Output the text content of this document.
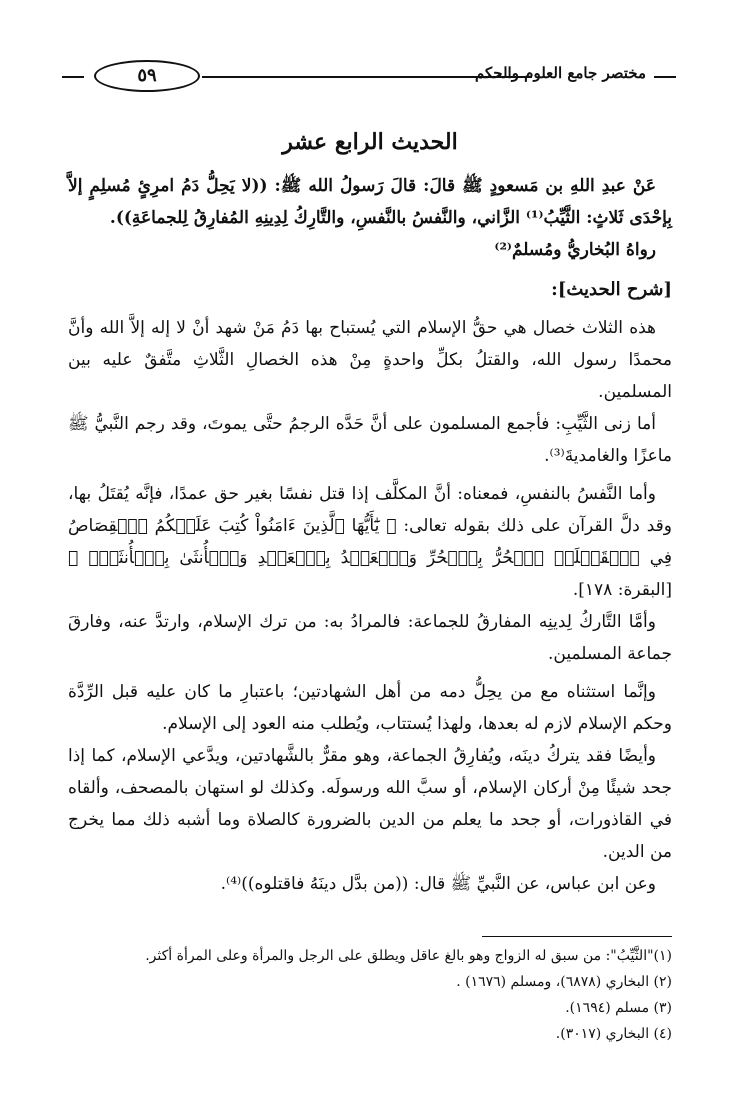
٥٩	مختصر جامع العلوم والحكم
الحديث الرابع عشر

عَنْ عبدِ اللهِ بن مَسعودٍ ﷺ قالَ: قالَ رَسولُ الله ﷺ: ((لا يَحِلُّ دَمُ امرِئٍ مُسلِمٍ إلاَّ بِإحْدَى ثَلاثٍ: الثَّيِّبُ⁽¹⁾ الزَّاني، والنَّفسُ بالنَّفسِ، والتَّارِكُ لِدِينِهِ المُفارِقُ لِلجماعَةِ)).

رواهُ البُخاريُّ ومُسلمٌ⁽²⁾

[شرح الحديث]:

هذه الثلاث خصال هي حقُّ الإسلام التي يُستباح بها دَمُ مَنْ شهد أنْ لا إله إلاَّ الله وأنَّ محمدًا رسول الله، والقتلُ بكلِّ واحدةٍ مِنْ هذه الخصالِ الثَّلاثِ متَّفقٌ عليه بين المسلمين.

أما زنى الثَّيِّبِ: فأجمع المسلمون على أنَّ حَدَّه الرجمُ حتَّى يموتَ، وقد رجم النَّبيُّ ﷺ ماعزًا والغامديةَ⁽³⁾.

وأما النَّفسُ بالنفسِ، فمعناه: أنَّ المكلَّف إذا قتل نفسًا بغير حق عمدًا، فإنَّه يُقتَلُ بها، وقد دلَّ القرآن على ذلك بقوله تعالى: ﴿ يَٰٓأَيُّهَا ٱلَّذِينَ ءَامَنُواْ كُتِبَ عَلَيۡكُمُ ٱلۡقِصَاصُ فِي ٱلۡقَتۡلَىۖ ٱلۡحُرُّ بِٱلۡحُرِّ وَٱلۡعَبۡدُ بِٱلۡعَبۡدِ وَٱلۡأُنثَىٰ بِٱلۡأُنثَىٰۚ ﴾ [البقرة: ١٧٨].

وأمَّا التَّاركُ لِدينِه المفارقُ للجماعة: فالمرادُ به: من ترك الإسلام، وارتدَّ عنه، وفارقَ جماعة المسلمين.

وإنَّما استثناه مع من يحِلُّ دمه من أهل الشهادتين؛ باعتبارِ ما كان عليه قبل الرِّدَّة وحكم الإسلام لازم له بعدها، ولهذا يُستتاب، ويُطلب منه العود إلى الإسلام.

وأيضًا فقد يتركُ دينَه، ويُفارِقُ الجماعة، وهو مقرٌّ بالشَّهادتين، ويدَّعي الإسلام، كما إذا جحد شيئًا مِنْ أركان الإسلام، أو سبَّ الله ورسولَه. وكذلك لو استهان بالمصحف، وألقاه في القاذورات، أو جحد ما يعلم من الدين بالضرورة كالصلاة وما أشبه ذلك مما يخرج من الدين.

وعن ابن عباس، عن النَّبيِّ ﷺ قال: ((من بدَّل دينَهُ فاقتلوه))⁽⁴⁾.

(١)"الثَّيِّبُ": من سبق له الزواج وهو بالغ عاقل ويطلق على الرجل والمرأة وعلى المرأة أكثر.
(٢) البخاري (٦٨٧٨)، ومسلم (١٦٧٦) .
(٣) مسلم (١٦٩٤).
(٤) البخاري (٣٠١٧).
